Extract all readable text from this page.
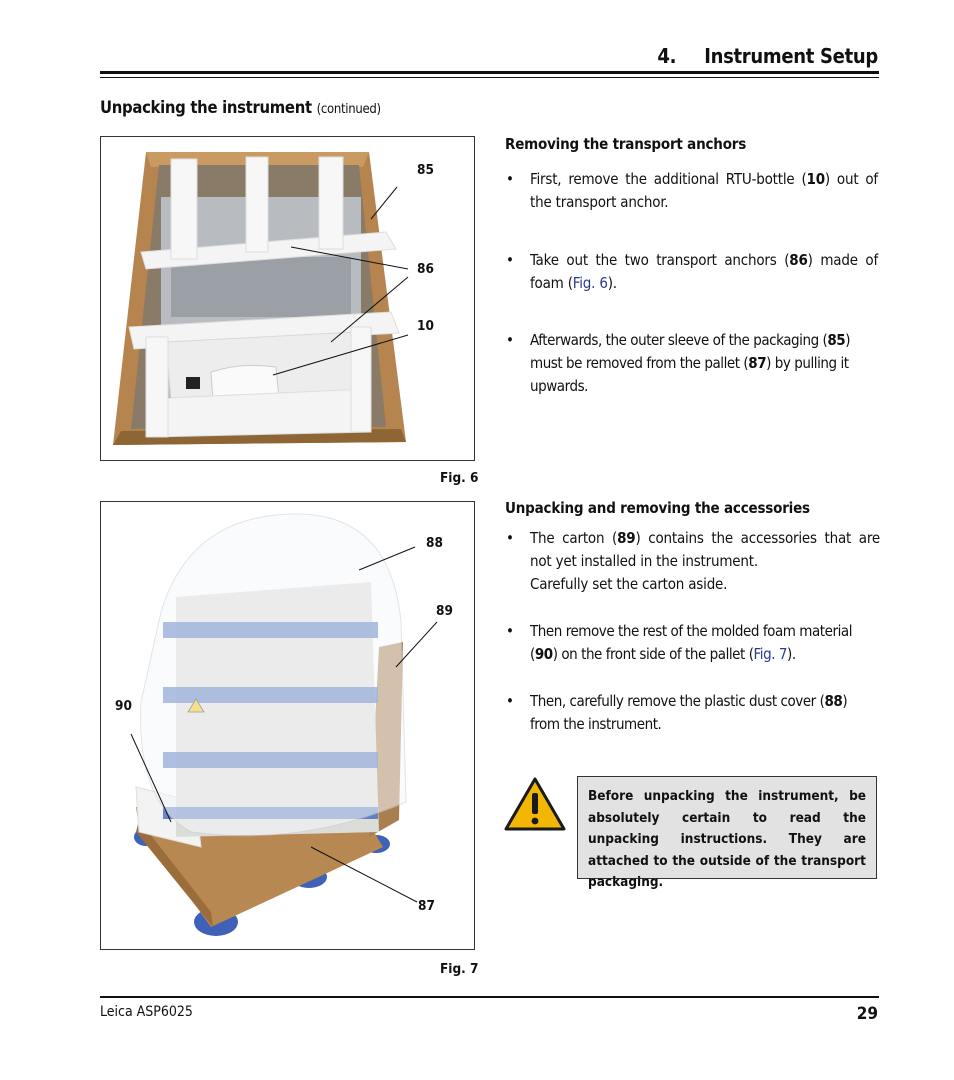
4. Instrument Setup
Unpacking the instrument (continued)
85
86
10
Fig. 6
88
89
90
87
Fig. 7
Removing the transport anchors
• First, remove the additional RTU-bottle (10) out of the transport anchor.
• Take out the two transport anchors (86) made of foam (Fig. 6).
• Afterwards, the outer sleeve of the packaging (85) must be removed from the pallet (87) by pulling it upwards.
Unpacking and removing the accessories
• The carton (89) contains the accessories that are not yet installed in the instrument.
Carefully set the carton aside.
• Then remove the rest of the molded foam material (90) on the front side of the pallet (Fig. 7).
• Then, carefully remove the plastic dust cover (88) from the instrument.
Before unpacking the instrument, be absolutely certain to read the unpacking instructions. They are attached to the outside of the transport packaging.
Leica ASP6025	29
